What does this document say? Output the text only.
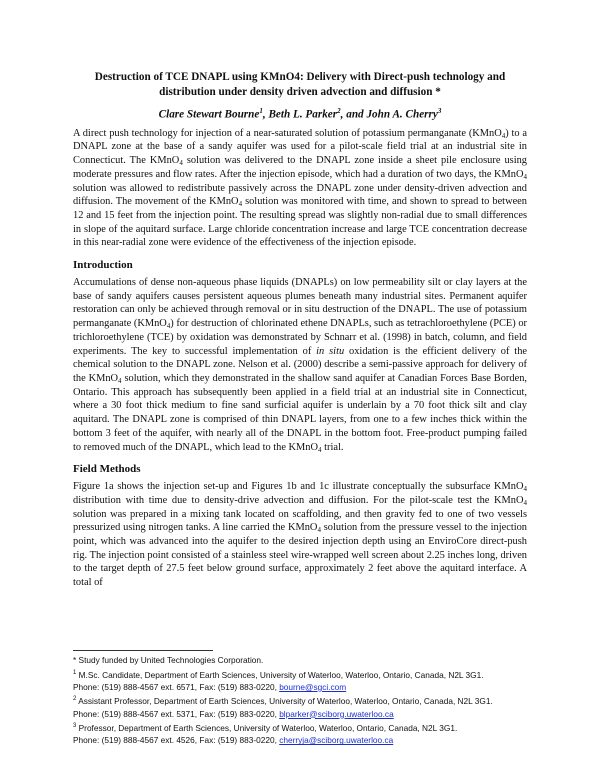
Destruction of TCE DNAPL using KMnO4: Delivery with Direct-push technology and
distribution under density driven advection and diffusion *
Clare Stewart Bourne$^1$, Beth L. Parker$^2$, and John A. Cherry$^3$

A direct push technology for injection of a near-saturated solution of potassium permanganate (KMnO$_4$) to a DNAPL zone at the base of a sandy aquifer was used for a pilot-scale field trial at an industrial site in Connecticut. The KMnO$_4$ solution was delivered to the DNAPL zone inside a sheet pile enclosure using moderate pressures and flow rates. After the injection episode, which had a duration of two days, the KMnO$_4$ solution was allowed to redistribute passively across the DNAPL zone under density-driven advection and diffusion. The movement of the KMnO$_4$ solution was monitored with time, and shown to spread to between 12 and 15 feet from the injection point. The resulting spread was slightly non-radial due to small differences in slope of the aquitard surface. Large chloride concentration increase and large TCE concentration decrease in this near-radial zone were evidence of the effectiveness of the injection episode.

Introduction

Accumulations of dense non-aqueous phase liquids (DNAPLs) on low permeability silt or clay layers at the base of sandy aquifers causes persistent aqueous plumes beneath many industrial sites. Permanent aquifer restoration can only be achieved through removal or in situ destruction of the DNAPL. The use of potassium permanganate (KMnO$_4$) for destruction of chlorinated ethene DNAPLs, such as tetrachloroethylene (PCE) or trichloroethylene (TCE) by oxidation was demonstrated by Schnarr et al. (1998) in batch, column, and field experiments. The key to successful implementation of in situ oxidation is the efficient delivery of the chemical solution to the DNAPL zone. Nelson et al. (2000) describe a semi-passive approach for delivery of the KMnO$_4$ solution, which they demonstrated in the shallow sand aquifer at Canadian Forces Base Borden, Ontario. This approach has subsequently been applied in a field trial at an industrial site in Connecticut, where a 30 foot thick medium to fine sand surficial aquifer is underlain by a 70 foot thick silt and clay aquitard. The DNAPL zone is comprised of thin DNAPL layers, from one to a few inches thick within the bottom 3 feet of the aquifer, with nearly all of the DNAPL in the bottom foot. Free-product pumping failed to removed much of the DNAPL, which lead to the KMnO$_4$ trial.

Field Methods

Figure 1a shows the injection set-up and Figures 1b and 1c illustrate conceptually the subsurface KMnO$_4$ distribution with time due to density-drive advection and diffusion. For the pilot-scale test the KMnO$_4$ solution was prepared in a mixing tank located on scaffolding, and then gravity fed to one of two vessels pressurized using nitrogen tanks. A line carried the KMnO$_4$ solution from the pressure vessel to the injection point, which was advanced into the aquifer to the desired injection depth using an EnviroCore direct-push rig. The injection point consisted of a stainless steel wire-wrapped well screen about 2.25 inches long, driven to the target depth of 27.5 feet below ground surface, approximately 2 feet above the aquitard interface. A total of

* Study funded by United Technologies Corporation.
$^1$ M.Sc. Candidate, Department of Earth Sciences, University of Waterloo, Waterloo, Ontario, Canada, N2L 3G1.
Phone: (519) 888-4567 ext. 6571, Fax: (519) 883-0220, bourne@sgci.com
$^2$ Assistant Professor, Department of Earth Sciences, University of Waterloo, Waterloo, Ontario, Canada, N2L 3G1.
Phone: (519) 888-4567 ext. 5371, Fax: (519) 883-0220, blparker@sciborg.uwaterloo.ca
$^3$ Professor, Department of Earth Sciences, University of Waterloo, Waterloo, Ontario, Canada, N2L 3G1.
Phone: (519) 888-4567 ext. 4526, Fax: (519) 883-0220, cherryja@sciborg.uwaterloo.ca
